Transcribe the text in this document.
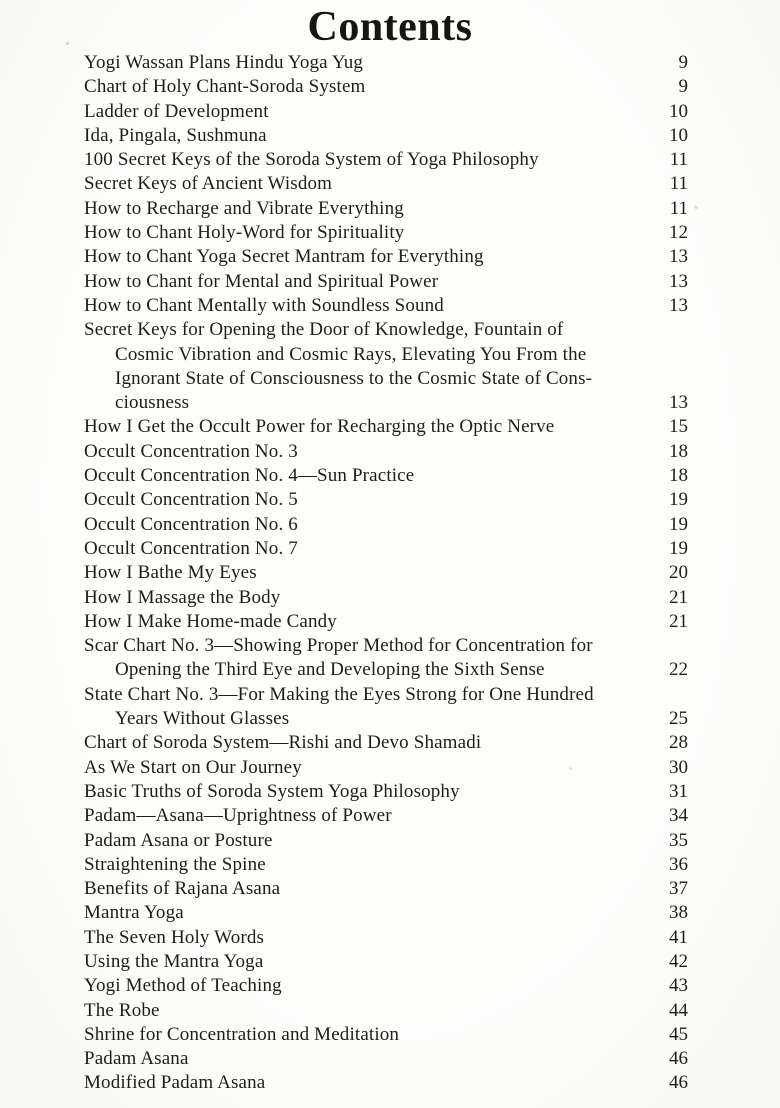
Contents
Yogi Wassan Plans Hindu Yoga Yug	9
Chart of Holy Chant-Soroda System	9
Ladder of Development	10
Ida, Pingala, Sushmuna	10
100 Secret Keys of the Soroda System of Yoga Philosophy	11
Secret Keys of Ancient Wisdom	11
How to Recharge and Vibrate Everything	11
How to Chant Holy-Word for Spirituality	12
How to Chant Yoga Secret Mantram for Everything	13
How to Chant for Mental and Spiritual Power	13
How to Chant Mentally with Soundless Sound	13
Secret Keys for Opening the Door of Knowledge, Fountain of
Cosmic Vibration and Cosmic Rays, Elevating You From the
Ignorant State of Consciousness to the Cosmic State of Cons-
ciousness	13
How I Get the Occult Power for Recharging the Optic Nerve	15
Occult Concentration No. 3	18
Occult Concentration No. 4—Sun Practice	18
Occult Concentration No. 5	19
Occult Concentration No. 6	19
Occult Concentration No. 7	19
How I Bathe My Eyes	20
How I Massage the Body	21
How I Make Home-made Candy	21
Scar Chart No. 3—Showing Proper Method for Concentration for
Opening the Third Eye and Developing the Sixth Sense	22
State Chart No. 3—For Making the Eyes Strong for One Hundred
Years Without Glasses	25
Chart of Soroda System—Rishi and Devo Shamadi	28
As We Start on Our Journey	30
Basic Truths of Soroda System Yoga Philosophy	31
Padam—Asana—Uprightness of Power	34
Padam Asana or Posture	35
Straightening the Spine	36
Benefits of Rajana Asana	37
Mantra Yoga	38
The Seven Holy Words	41
Using the Mantra Yoga	42
Yogi Method of Teaching	43
The Robe	44
Shrine for Concentration and Meditation	45
Padam Asana	46
Modified Padam Asana	46
